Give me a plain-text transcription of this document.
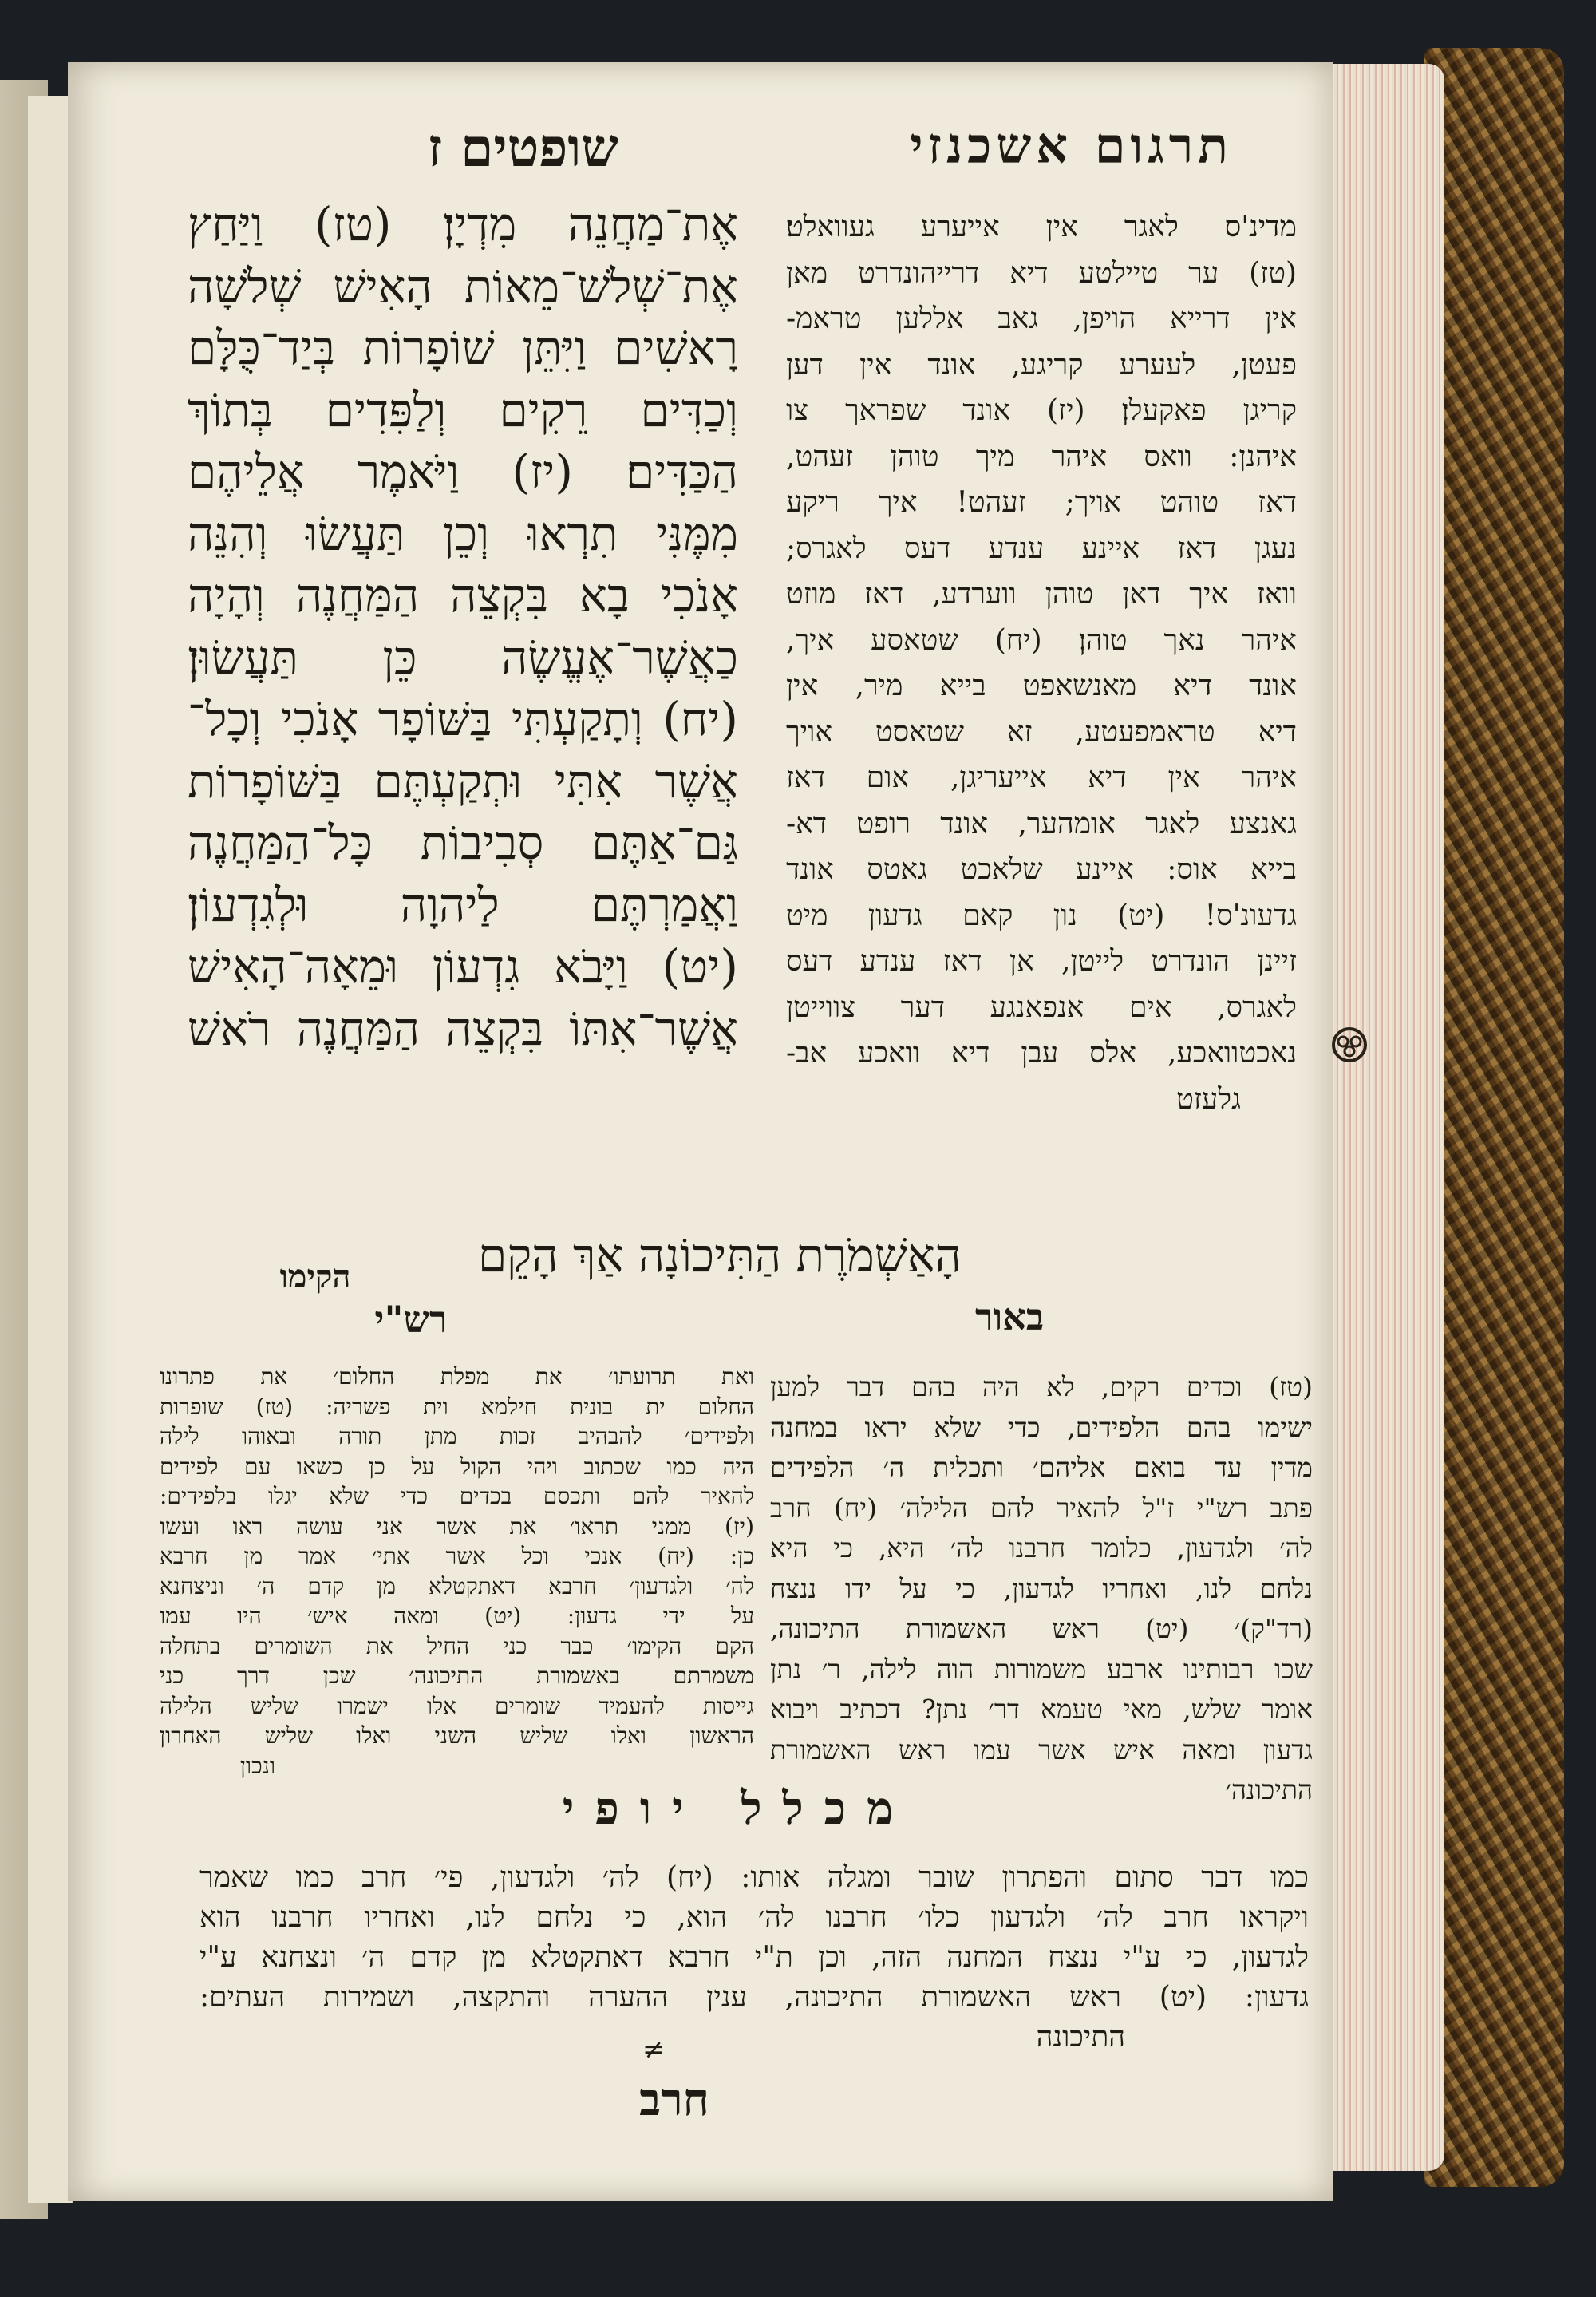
תרגום אשכנזי
שופטים ז
אֶת־מַחֲנֵה מִדְיָן׃ (טז) וַיַּחַץ
אֶת־שְׁלֹשׁ־מֵאוֹת הָאִישׁ שְׁלֹשָׁה
רָאשִׁים וַיִּתֵּן שׁוֹפָרוֹת בְּיַד־כֻּלָּם
וְכַדִּים רֵקִים וְלַפִּדִים בְּתוֹךְ
הַכַּדִּים׃ (יז) וַיֹּאמֶר אֲלֵיהֶם
מִמֶּנִּי תִרְאוּ וְכֵן תַּעֲשׂוּ וְהִנֵּה
אָנֹכִי בָא בִּקְצֵה הַמַּחֲנֶה וְהָיָה
כַאֲשֶׁר־אֶעֱשֶׂה כֵּן תַּעֲשׂוּן׃
(יח) וְתָקַעְתִּי בַּשּׁוֹפָר אָנֹכִי וְכָל־
אֲשֶׁר אִתִּי וּתְקַעְתֶּם בַּשּׁוֹפָרוֹת
גַּם־אַתֶּם סְבִיבוֹת כָּל־הַמַּחֲנֶה
וַאֲמַרְתֶּם לַיהוָה וּלְגִדְעוֹן׃
(יט) וַיָּבֹא גִדְעוֹן וּמֵאָה־הָאִישׁ
אֲשֶׁר־אִתּוֹ בִּקְצֵה הַמַּחֲנֶה רֹאשׁ
מדינ'ס לאגר אין אייערע געוואלט׃
(טז) ער טיילטע דיא דרייהונדרט מאן
אין דרייא הויפן, גאב אללען טראמ-
פעטן, לעערע קריגע, אונד אין דען
קריגן פאקעלן׃ (יז) אונד שפראך צו
איהנן: וואס איהר מיך טוהן זעהט,
דאז טוהט אויך; זעהט! איך ריקע
נעגן דאז איינע ענדע דעס לאגרס;
וואז איך דאן טוהן ווערדע, דאז מוזט
איהר נאך טוהן׃ (יח) שטאסע איך,
אונד דיא מאנשאפט בייא מיר, אין
דיא טראמפעטע, זא שטאסט אויך
איהר אין דיא אייעריגן, אום דאז
גאנצע לאגר אומהער, אונד רופט דא-
בייא אוס: איינע שלאכט גאטס אונד
גדעונ'ס! (יט) נון קאם גדעון מיט
זיינן הונדרט לייטן, אן דאז ענדע דעס
לאגרס, אים אנפאנגע דער צווייטן
נאכטוואכע, אלס עבן דיא וואכע אב-
גלעזט
הָאַשְׁמֹרֶת הַתִּיכוֹנָה אַךְ הָקֵם
הקימו
רש"י
ואת תרועתו׳ את מפלת החלום׳ את פתרונו
החלום ית בונית חילמא וית פשריה: (טז) שופרות
ולפידים׳ להבהיב זכות מתן תורה ובאוהו לילה
היה כמו שכתוב ויהי הקול על כן כשאו עם לפידים
להאיר להם ותכסם בכדים כדי שלא יגלו בלפידים:
(יז) ממני תראו׳ את אשר אני עושה ראו ועשו
כן: (יח) אנכי וכל אשר אתי׳ אמר מן חרבא
לה׳ ולגדעון׳ חרבא דאתקטלא מן קדם ה׳ וניצחנא
על ידי גדעון: (יט) ומאה איש׳ היו עמו
הקם הקימו׳ כבר כני החיל את השומרים בתחלה
משמרתם באשמורת התיכונה׳ שכן דרך כני
גייסות להעמיד שומרים אלו ישמרו שליש הלילה
הראשון ואלו שליש השני ואלו שליש האחרון
ונכון
באור
(טז) וכדים רקים, לא היה בהם דבר למען
ישימו בהם הלפידים, כדי שלא יראו במחנה
מדין עד בואם אליהם׳ ותכלית ה׳ הלפידים
פתב רש"י ז"ל להאיר להם הלילה׳ (יח) חרב
לה׳ ולגדעון, כלומר חרבנו לה׳ היא, כי היא
נלחם לנו, ואחריו לגדעון, כי על ידו ננצח
(רד"ק)׳ (יט) ראש האשמורת התיכונה,
שכו רבותינו ארבע משמורות הוה לילה, ר׳ נתן
אומר שלש, מאי טעמא דר׳ נתן? דכתיב ויבוא
גדעון ומאה איש אשר עמו ראש האשמורת
התיכונה׳
מכלל יופי
כמו דבר סתום והפתרון שובר ומגלה אותו: (יח) לה׳ ולגדעון, פי׳ חרב כמו שאמר
ויקראו חרב לה׳ ולגדעון כלו׳ חרבנו לה׳ הוא, כי נלחם לנו, ואחריו חרבנו הוא
לגדעון, כי ע"י ננצח המחנה הזה, וכן ת"י חרבא דאתקטלא מן קדם ה׳ ונצחנא ע"י
גדעון: (יט) ראש האשמורת התיכונה, ענין ההערה והתקצה, ושמירות העתים:
התיכונה
≠
חרב
